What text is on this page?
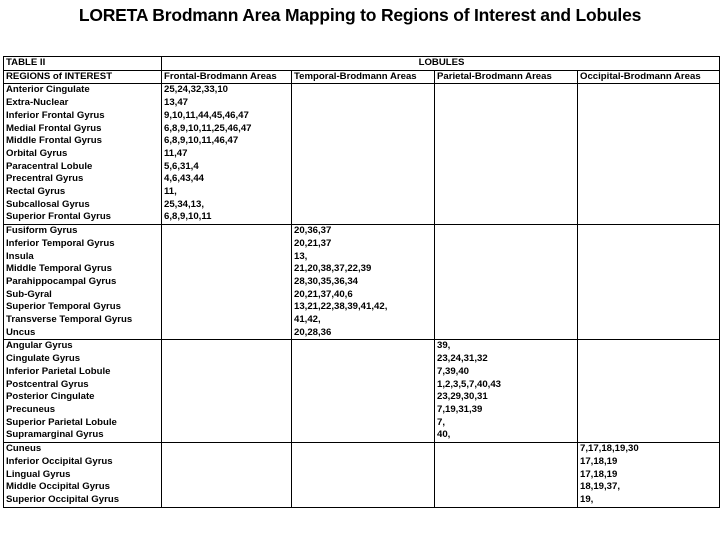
LORETA Brodmann Area Mapping to Regions of Interest and Lobules
TABLE II	LOBULES			
REGIONS of INTEREST	Frontal-Brodmann Areas	Temporal-Brodmann Areas	Parietal-Brodmann Areas	Occipital-Brodmann Areas
Anterior Cingulate	25,24,32,33,10			
Extra-Nuclear	13,47			
Inferior Frontal Gyrus	9,10,11,44,45,46,47			
Medial Frontal Gyrus	6,8,9,10,11,25,46,47			
Middle Frontal Gyrus	6,8,9,10,11,46,47			
Orbital Gyrus	11,47			
Paracentral Lobule	5,6,31,4			
Precentral Gyrus	4,6,43,44			
Rectal Gyrus	11,			
Subcallosal Gyrus	25,34,13,			
Superior Frontal Gyrus	6,8,9,10,11			
Fusiform Gyrus		20,36,37		
Inferior Temporal Gyrus		20,21,37		
Insula		13,		
Middle Temporal Gyrus		21,20,38,37,22,39		
Parahippocampal Gyrus		28,30,35,36,34		
Sub-Gyral		20,21,37,40,6		
Superior Temporal Gyrus		13,21,22,38,39,41,42,		
Transverse Temporal Gyrus		41,42,		
Uncus		20,28,36		
Angular Gyrus			39,	
Cingulate Gyrus			23,24,31,32	
Inferior Parietal Lobule			7,39,40	
Postcentral Gyrus			1,2,3,5,7,40,43	
Posterior Cingulate			23,29,30,31	
Precuneus			7,19,31,39	
Superior Parietal Lobule			7,	
Supramarginal Gyrus			40,	
Cuneus				7,17,18,19,30
Inferior Occipital Gyrus				17,18,19
Lingual Gyrus				17,18,19
Middle Occipital Gyrus				18,19,37,
Superior Occipital Gyrus				19,
